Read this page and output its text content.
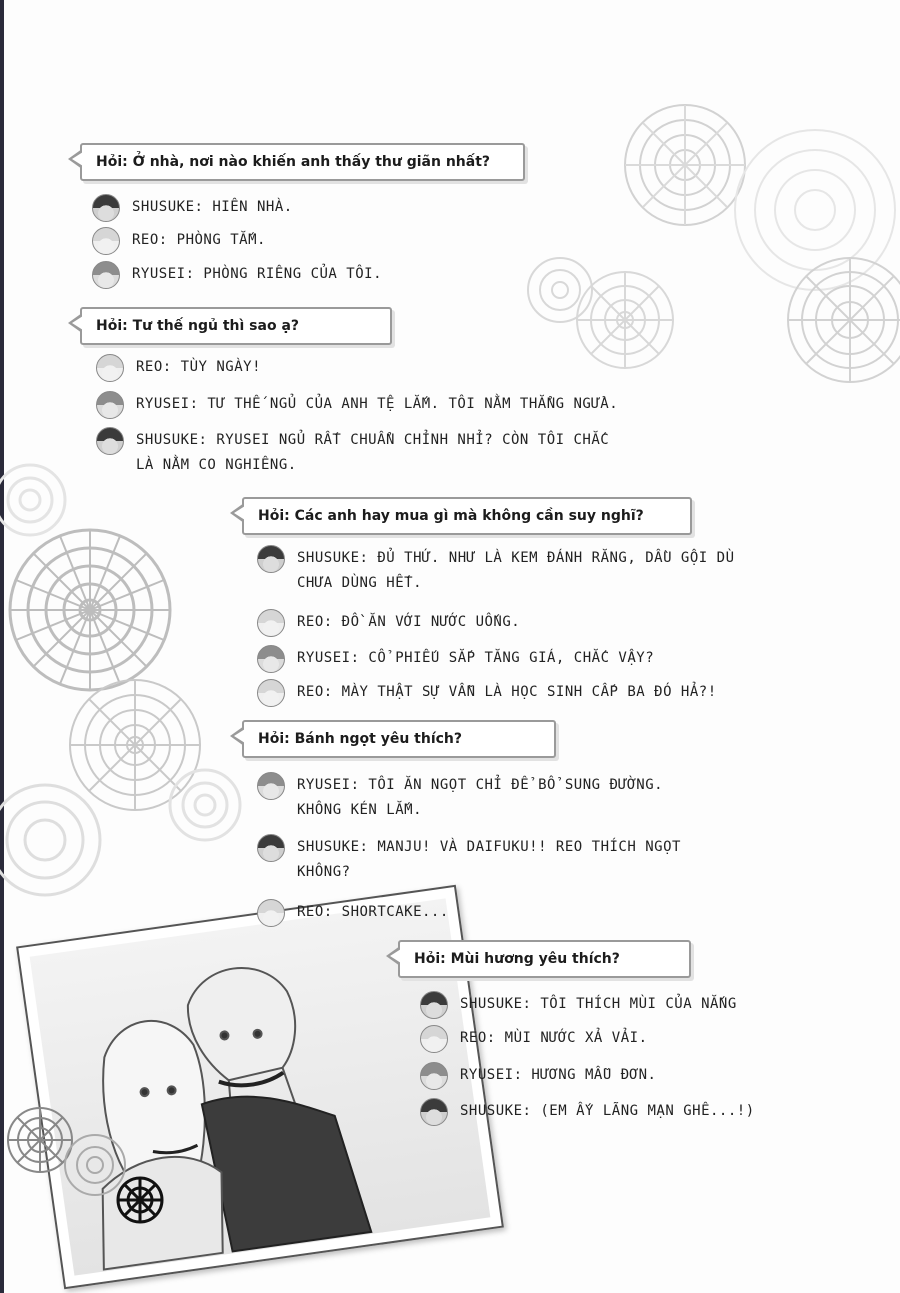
Hỏi: Ở nhà, nơi nào khiến anh thấy thư giãn nhất?
SHUSUKE: HIÊN NHÀ.
REO: PHÒNG TẮM.
RYUSEI: PHÒNG RIÊNG CỦA TÔI.
Hỏi: Tư thế ngủ thì sao ạ?
REO: TÙY NGÀY!
RYUSEI: TƯ THẾ NGỦ CỦA ANH TỆ LẮM. TÔI NẰM THẲNG NGỬA.
SHUSUKE: RYUSEI NGỦ RẤT CHUẨN CHỈNH NHỈ? CÒN TÔI CHẮC
LÀ NẰM CO NGHIÊNG.
Hỏi: Các anh hay mua gì mà không cần suy nghĩ?
SHUSUKE: ĐỦ THỨ. NHƯ LÀ KEM ĐÁNH RĂNG, DẦU GỘI DÙ
CHƯA DÙNG HẾT.
REO: ĐỒ ĂN VỚI NƯỚC UỐNG.
RYUSEI: CỔ PHIẾU SẮP TĂNG GIÁ, CHẮC VẬY?
REO: MÀY THẬT SỰ VẪN LÀ HỌC SINH CẤP BA ĐÓ HẢ?!
Hỏi: Bánh ngọt yêu thích?
RYUSEI: TÔI ĂN NGỌT CHỈ ĐỂ BỔ SUNG ĐƯỜNG.
KHÔNG KÉN LẮM.
SHUSUKE: MANJU! VÀ DAIFUKU!! REO THÍCH NGỌT
KHÔNG?
REO: SHORTCAKE...
Hỏi: Mùi hương yêu thích?
SHUSUKE: TÔI THÍCH MÙI CỦA NẮNG
REO: MÙI NƯỚC XẢ VẢI.
RYUSEI: HƯƠNG MẪU ĐƠN.
SHUSUKE: (EM ẤY LÃNG MẠN GHÊ...!)
